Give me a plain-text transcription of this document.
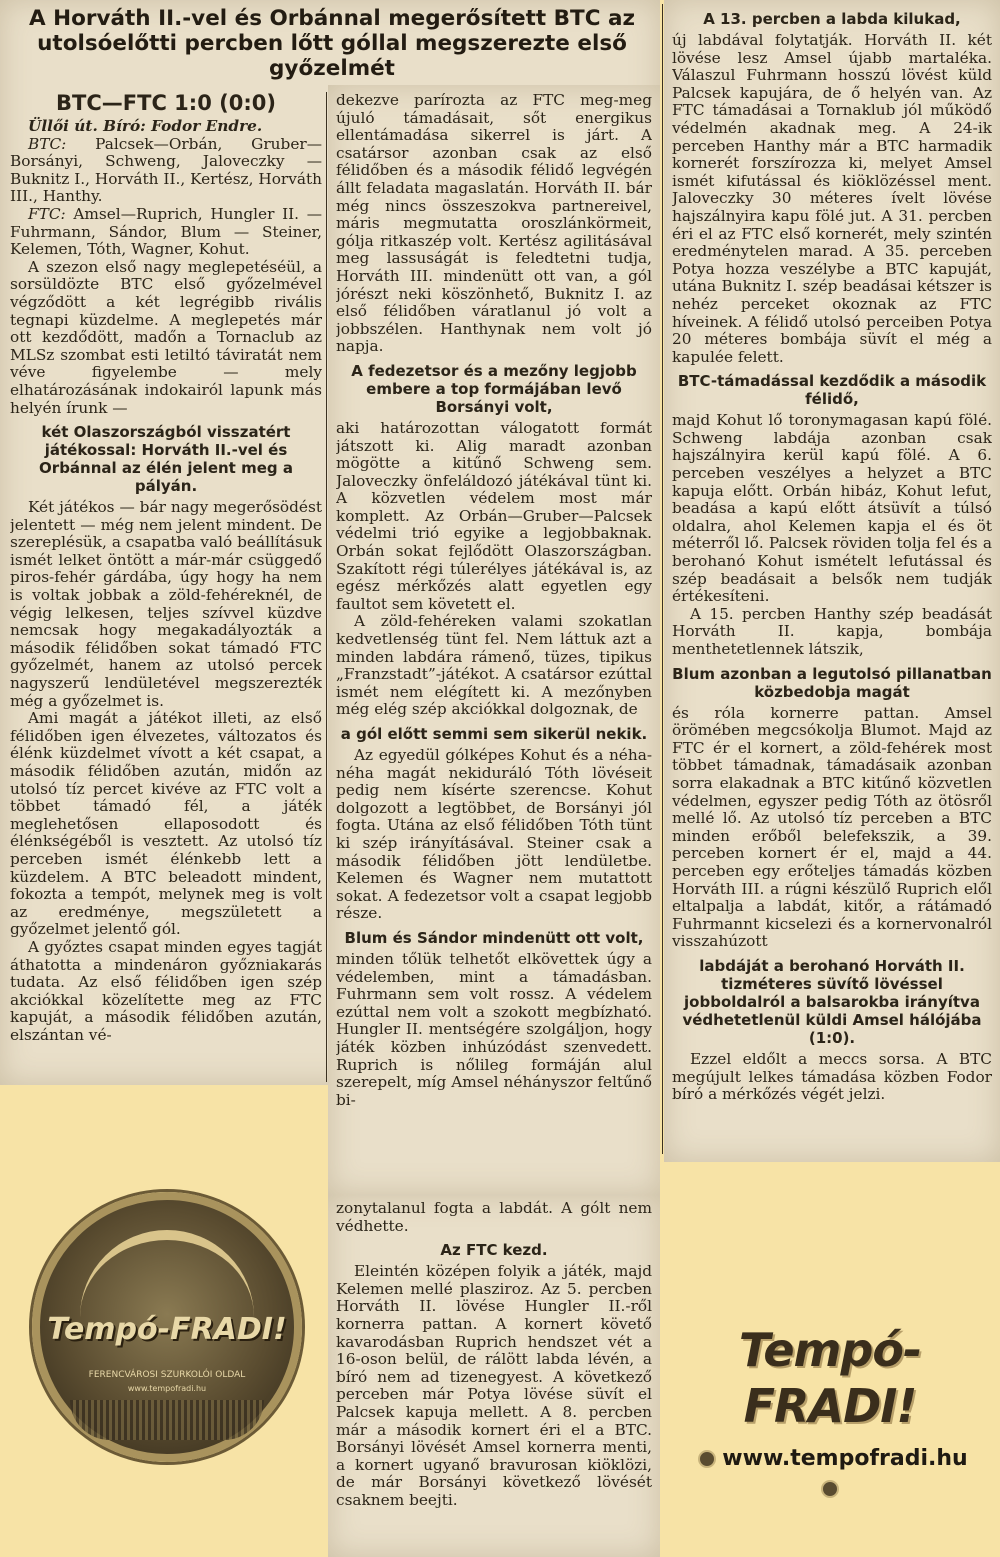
A Horváth II.-vel és Orbánnal megerősített BTC az utolsóelőtti percben lőtt góllal megszerezte első győzelmét

BTC—FTC 1:0 (0:0)

Üllői út. Bíró: Fodor Endre.

BTC: Palcsek—Orbán, Gruber—Borsányi, Schweng, Jaloveczky — Buknitz I., Horváth II., Kertész, Horváth III., Hanthy.

FTC: Amsel—Ruprich, Hungler II. — Fuhrmann, Sándor, Blum — Steiner, Kelemen, Tóth, Wagner, Kohut.

A szezon első nagy meglepetéséül, a sorsüldözte BTC első győzelmével végződött a két legrégibb rivális tegnapi küzdelme. A meglepetés már ott kezdődött, madőn a Tornaclub az MLSz szombat esti letiltó táviratát nem véve figyelembe — mely elhatározásának indokairól lapunk más helyén írunk —

két Olaszországból visszatért játékossal: Horváth II.-vel és Orbánnal az élén jelent meg a pályán.

Két játékos — bár nagy megerősödést jelentett — még nem jelent mindent. De szereplésük, a csapatba való beállításuk ismét lelket öntött a már-már csüggedő piros-fehér gárdába, úgy hogy ha nem is voltak jobbak a zöld-fehéreknél, de végig lelkesen, teljes szívvel küzdve nemcsak hogy megakadályozták a második félidőben sokat támadó FTC győzelmét, hanem az utolsó percek nagyszerű lendületével megszerezték még a győzelmet is.

Ami magát a játékot illeti, az első félidőben igen élvezetes, változatos és élénk küzdelmet vívott a két csapat, a második félidőben azután, midőn az utolsó tíz percet kivéve az FTC volt a többet támadó fél, a játék meglehetősen ellaposodott és élénkségéből is vesztett. Az utolsó tíz perceben ismét élénkebb lett a küzdelem. A BTC beleadott mindent, fokozta a tempót, melynek meg is volt az eredménye, megszületett a győzelmet jelentő gól.

A győztes csapat minden egyes tagját áthatotta a mindenáron győzniakarás tudata. Az első félidőben igen szép akciókkal közelítette meg az FTC kapuját, a második félidőben azután, elszántan vé-

dekezve parírozta az FTC meg-meg újuló támadásait, sőt energikus ellentámadása sikerrel is járt. A csatársor azonban csak az első félidőben és a második félidő legvégén állt feladata magaslatán. Horváth II. bár még nincs összeszokva partnereivel, máris megmutatta oroszlánkörmeit, gólja ritkaszép volt. Kertész agilitásával meg lassuságát is feledtetni tudja, Horváth III. mindenütt ott van, a gól jórészt neki köszönhető, Buknitz I. az első félidőben váratlanul jó volt a jobbszélen. Hanthynak nem volt jó napja.

A fedezetsor és a mezőny legjobb embere a top formájában levő Borsányi volt,

aki határozottan válogatott formát játszott ki. Alig maradt azonban mögötte a kitűnő Schweng sem. Jaloveczky önfeláldozó játékával tünt ki. A közvetlen védelem most már komplett. Az Orbán—Gruber—Palcsek védelmi trió egyike a legjobbaknak. Orbán sokat fejlődött Olaszországban. Szakított régi túlerélyes játékával is, az egész mérkőzés alatt egyetlen egy faultot sem követett el.

A zöld-fehéreken valami szokatlan kedvetlenség tünt fel. Nem láttuk azt a minden labdára rámenő, tüzes, tipikus „Franzstadt”-játékot. A csatársor ezúttal ismét nem elégített ki. A mezőnyben még elég szép akciókkal dolgoznak, de

a gól előtt semmi sem sikerül nekik.

Az egyedül gólképes Kohut és a néha-néha magát nekiduráló Tóth lövéseit pedig nem kísérte szerencse. Kohut dolgozott a legtöbbet, de Borsányi jól fogta. Utána az első félidőben Tóth tünt ki szép irányításával. Steiner csak a második félidőben jött lendületbe. Kelemen és Wagner nem mutattott sokat. A fedezetsor volt a csapat legjobb része.

Blum és Sándor mindenütt ott volt,

minden tőlük telhetőt elkövettek úgy a védelemben, mint a támadásban. Fuhrmann sem volt rossz. A védelem ezúttal nem volt a szokott megbízható. Hungler II. mentségére szolgáljon, hogy játék közben inhúzódást szenvedett. Ruprich is nőlileg formáján alul szerepelt, míg Amsel néhányszor feltűnő bi-

zonytalanul fogta a labdát. A gólt nem védhette.

Az FTC kezd.

Eleintén középen folyik a játék, majd Kelemen mellé plasziroz. Az 5. percben Horváth II. lövése Hungler II.-ről kornerra pattan. A kornert követő kavarodásban Ruprich hendszet vét a 16-oson belül, de rálött labda lévén, a bíró nem ad tizenegyest. A következő perceben már Potya lövése süvít el Palcsek kapuja mellett. A 8. percben már a második kornert éri el a BTC. Borsányi lövését Amsel kornerra menti, a kornert ugyanő bravurosan kiöklözi, de már Borsányi következő lövését csaknem beejti.

A 13. percben a labda kilukad,

új labdával folytatják. Horváth II. két lövése lesz Amsel újabb martaléka. Válaszul Fuhrmann hosszú lövést küld Palcsek kapujára, de ő helyén van. Az FTC támadásai a Tornaklub jól működő védelmén akadnak meg. A 24-ik perceben Hanthy már a BTC harmadik kornerét forszírozza ki, melyet Amsel ismét kifutással és kiöklözéssel ment. Jaloveczky 30 méteres ívelt lövése hajszálnyira kapu fölé jut. A 31. percben éri el az FTC első kornerét, mely szintén eredménytelen marad. A 35. perceben Potya hozza veszélybe a BTC kapuját, utána Buknitz I. szép beadásai kétszer is nehéz perceket okoznak az FTC híveinek. A félidő utolsó perceiben Potya 20 méteres bombája süvít el még a kapulée felett.

BTC-támadással kezdődik a második félidő,

majd Kohut lő toronymagasan kapú fölé. Schweng labdája azonban csak hajszálnyira kerül kapú fölé. A 6. perceben veszélyes a helyzet a BTC kapuja előtt. Orbán hibáz, Kohut lefut, beadása a kapú előtt átsüvít a túlsó oldalra, ahol Kelemen kapja el és öt méterről lő. Palcsek röviden tolja fel és a berohanó Kohut ismételt lefutással és szép beadásait a belsők nem tudják értékesíteni.

A 15. percben Hanthy szép beadását Horváth II. kapja, bombája menthetetlennek látszik,

Blum azonban a legutolsó pillanatban közbedobja magát

és róla kornerre pattan. Amsel örömében megcsókolja Blumot. Majd az FTC ér el kornert, a zöld-fehérek most többet támadnak, támadásaik azonban sorra elakadnak a BTC kitűnő közvetlen védelmen, egyszer pedig Tóth az ötösről mellé lő. Az utolsó tíz perceben a BTC minden erőből belefekszik, a 39. perceben kornert ér el, majd a 44. perceben egy erőteljes támadás közben Horváth III. a rúgni készülő Ruprich elől eltalpalja a labdát, kitőr, a rátámadó Fuhrmannt kicselezi és a kornervonalról visszahúzott

labdáját a berohanó Horváth II. tizméteres süvítő lövéssel jobboldalról a balsarokba irányítva védhetetlenül küldi Amsel hálójába (1:0).

Ezzel eldőlt a meccs sorsa. A BTC megújult lelkes támadása közben Fodor bíró a mérkőzés végét jelzi.

Tempó-FRADI!
FERENCVÁROSI SZURKOLÓI OLDAL
www.tempofradi.hu
Tempó-FRADI!
www.tempofradi.hu
